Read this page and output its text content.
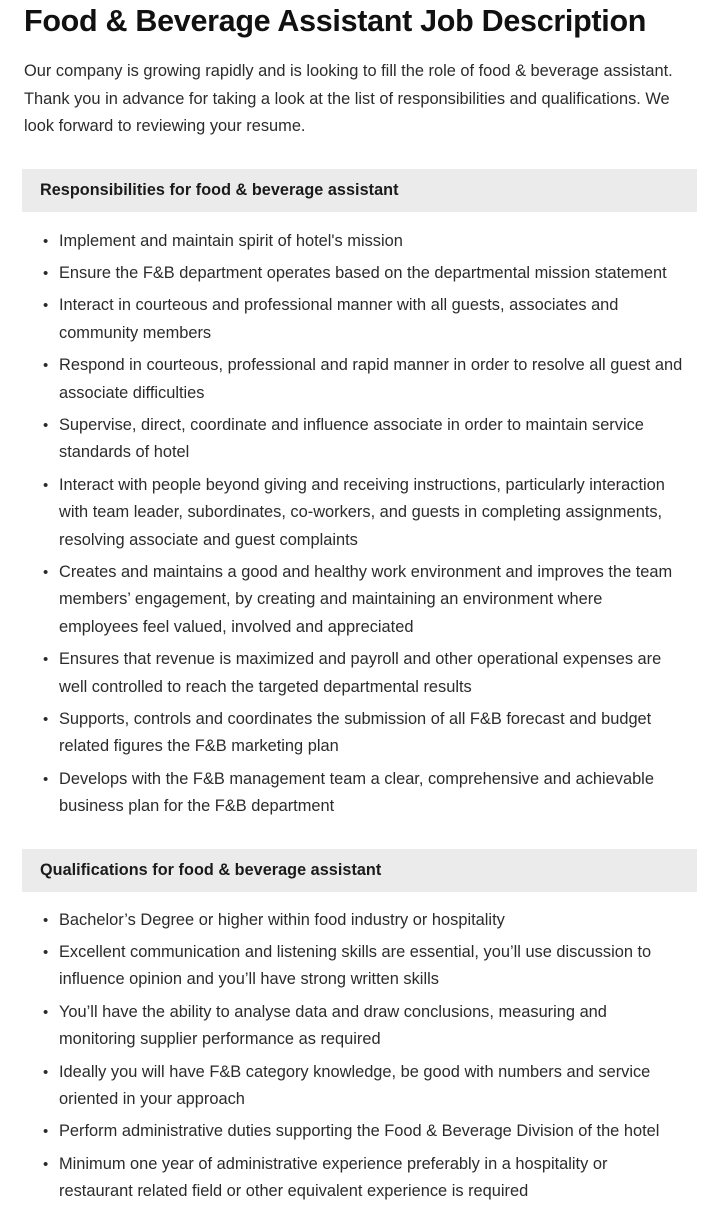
Food & Beverage Assistant Job Description

Our company is growing rapidly and is looking to fill the role of food & beverage assistant. Thank you in advance for taking a look at the list of responsibilities and qualifications. We look forward to reviewing your resume.

Responsibilities for food & beverage assistant
• Implement and maintain spirit of hotel's mission
• Ensure the F&B department operates based on the departmental mission statement
• Interact in courteous and professional manner with all guests, associates and community members
• Respond in courteous, professional and rapid manner in order to resolve all guest and associate difficulties
• Supervise, direct, coordinate and influence associate in order to maintain service standards of hotel
• Interact with people beyond giving and receiving instructions, particularly interaction with team leader, subordinates, co-workers, and guests in completing assignments, resolving associate and guest complaints
• Creates and maintains a good and healthy work environment and improves the team members’ engagement, by creating and maintaining an environment where employees feel valued, involved and appreciated
• Ensures that revenue is maximized and payroll and other operational expenses are well controlled to reach the targeted departmental results
• Supports, controls and coordinates the submission of all F&B forecast and budget related figures the F&B marketing plan
• Develops with the F&B management team a clear, comprehensive and achievable business plan for the F&B department
Qualifications for food & beverage assistant
• Bachelor’s Degree or higher within food industry or hospitality
• Excellent communication and listening skills are essential, you’ll use discussion to influence opinion and you’ll have strong written skills
• You’ll have the ability to analyse data and draw conclusions, measuring and monitoring supplier performance as required
• Ideally you will have F&B category knowledge, be good with numbers and service oriented in your approach
• Perform administrative duties supporting the Food & Beverage Division of the hotel
• Minimum one year of administrative experience preferably in a hospitality or restaurant related field or other equivalent experience is required
